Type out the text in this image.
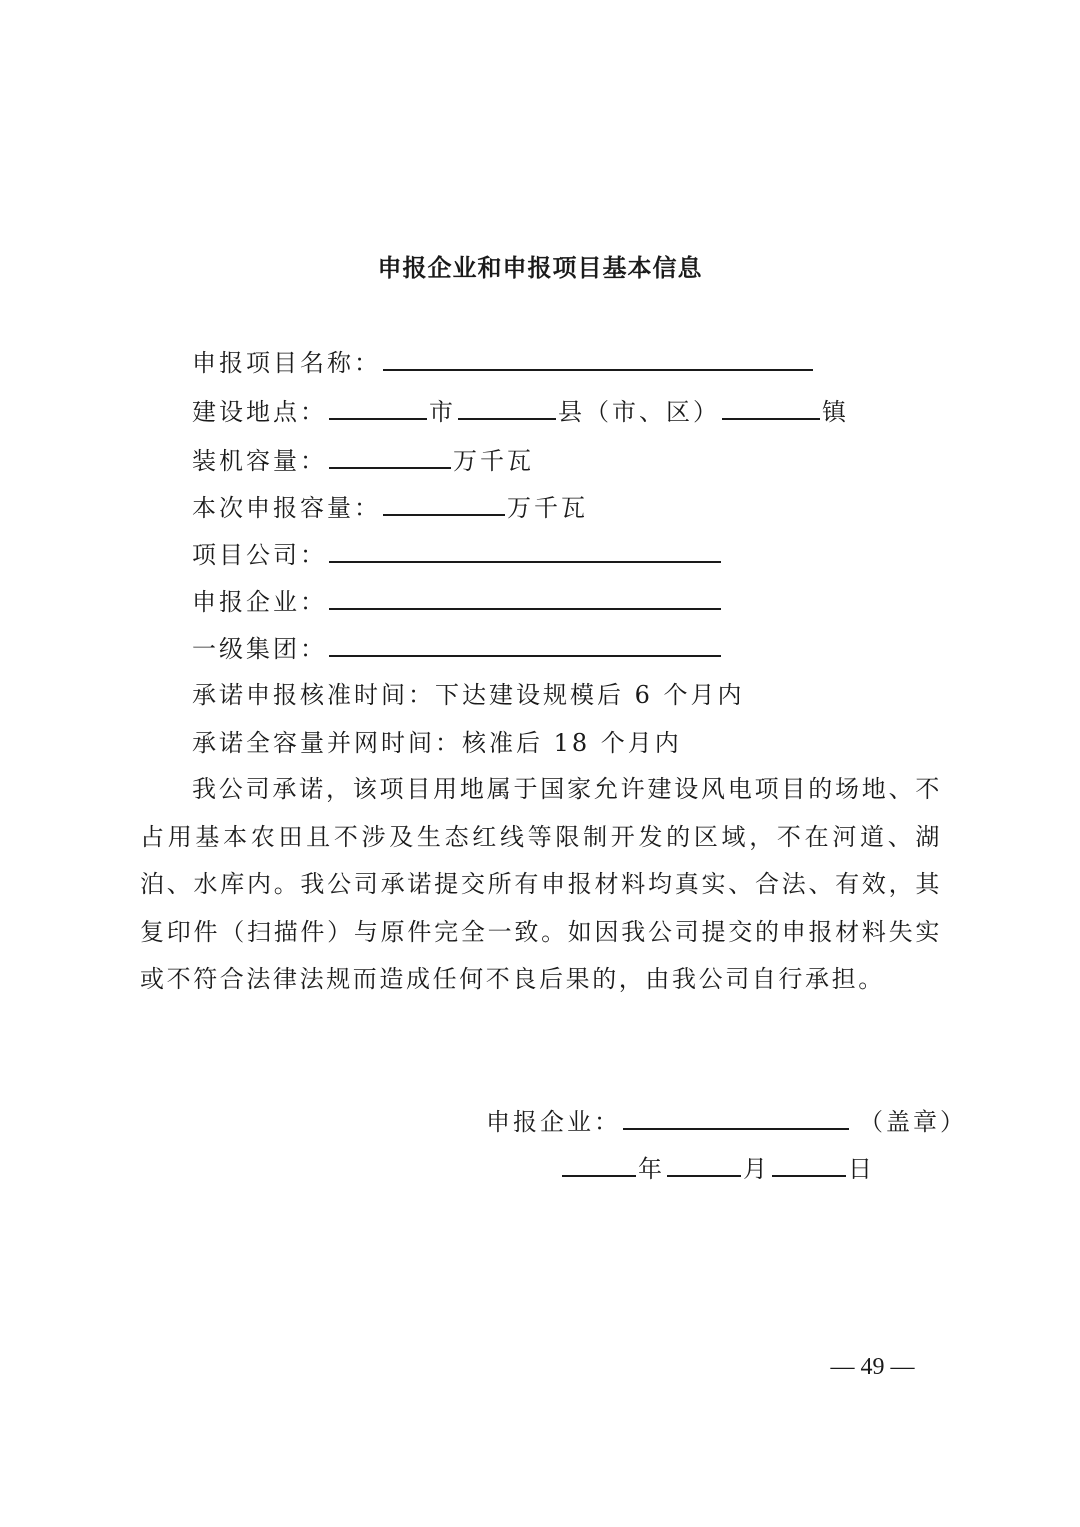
申报企业和申报项目基本信息
申报项目名称：
建设地点：	市	县（市、区）	镇
装机容量：	万千瓦
本次申报容量：	万千瓦
项目公司：
申报企业：
一级集团：
承诺申报核准时间：下达建设规模后 6 个月内
承诺全容量并网时间：核准后 18 个月内
我公司承诺，该项目用地属于国家允许建设风电项目的场地、不占用基本农田且不涉及生态红线等限制开发的区域，不在河道、湖泊、水库内。我公司承诺提交所有申报材料均真实、合法、有效，其复印件（扫描件）与原件完全一致。如因我公司提交的申报材料失实或不符合法律法规而造成任何不良后果的，由我公司自行承担。
申报企业：	（盖章）
年	月	日
— 49 —
